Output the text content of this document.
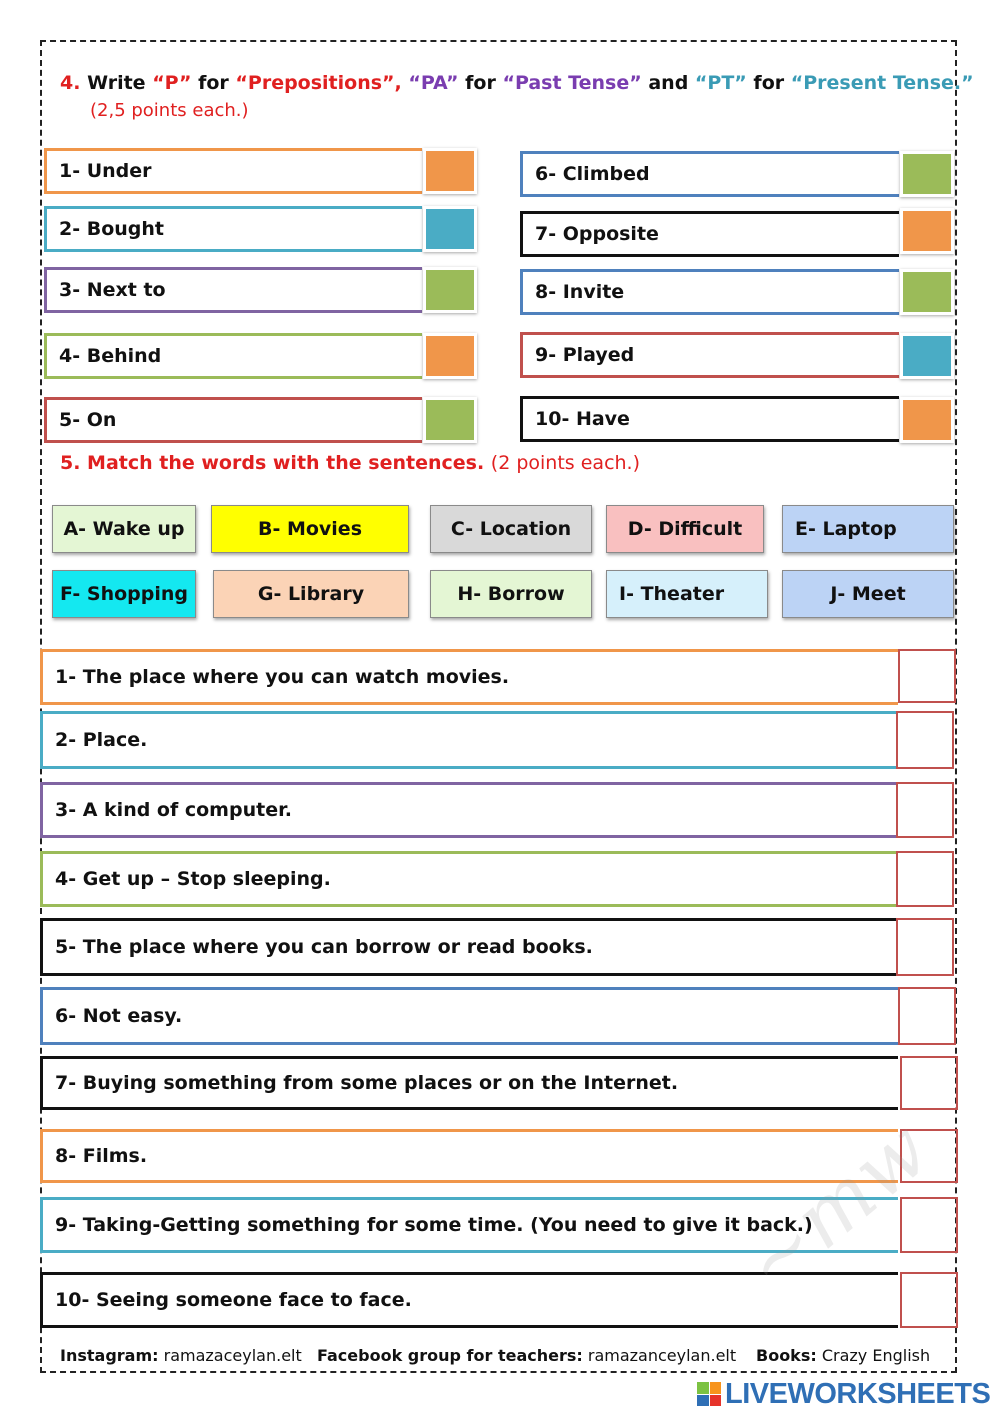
4. Write “P” for “Prepositions”, “PA” for “Past Tense” and “PT” for “Present Tense.”
(2,5 points each.)
1- Under
2- Bought
3- Next to
4- Behind
5- On
6- Climbed
7- Opposite
8- Invite
9- Played
10- Have
5. Match the words with the sentences. (2 points each.)
A- Wake up	B- Movies	C- Location	D- Difficult	E- Laptop
F- Shopping	G- Library	H- Borrow	I- Theater	J- Meet
1- The place where you can watch movies.
2- Place.
3- A kind of computer.
4- Get up – Stop sleeping.
5- The place where you can borrow or read books.
6- Not easy.
7- Buying something from some places or on the Internet.
8- Films.
9- Taking-Getting something for some time. (You need to give it back.)
10- Seeing someone face to face.	~mw
Instagram: ramazaceylan.elt Facebook group for teachers: ramazanceylan.elt Books: Crazy English
LIVEWORKSHEETS
